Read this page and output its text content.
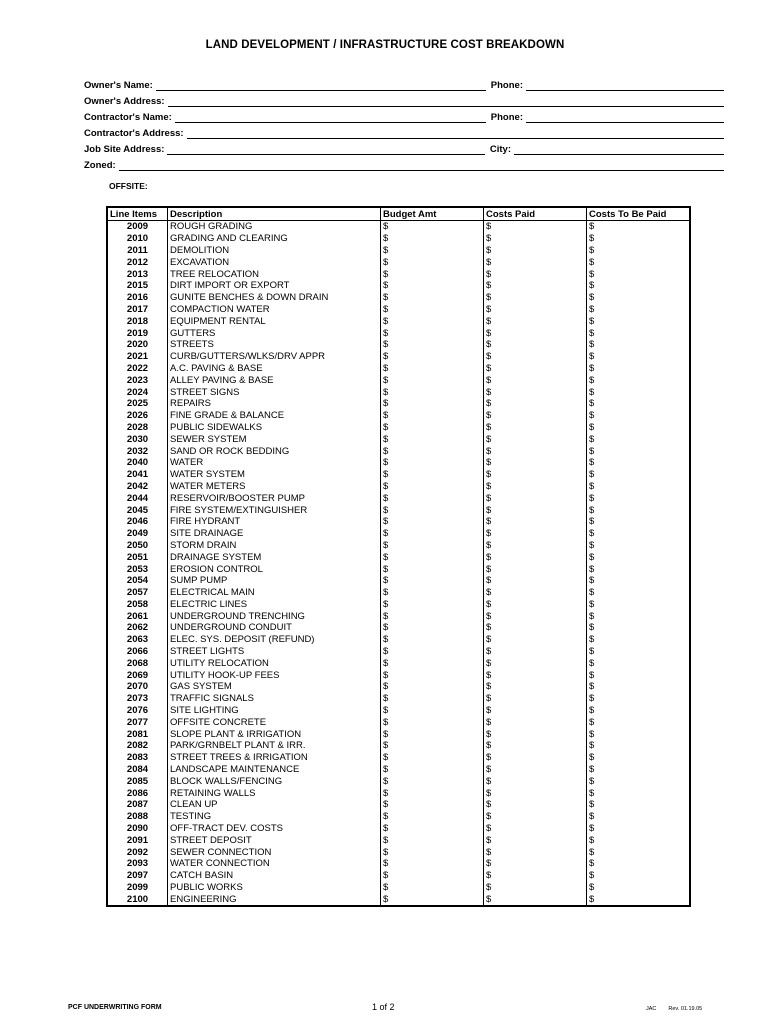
LAND DEVELOPMENT / INFRASTRUCTURE COST BREAKDOWN
Owner's Name:	Phone:
Owner's Address:
Contractor's Name:	Phone:
Contractor's Address:
Job Site Address:	City:
Zoned:
OFFSITE:
Line Items	Description	Budget Amt	Costs Paid	Costs To Be Paid
2009	ROUGH GRADING	$	$	$
2010	GRADING AND CLEARING	$	$	$
2011	DEMOLITION	$	$	$
2012	EXCAVATION	$	$	$
2013	TREE RELOCATION	$	$	$
2015	DIRT IMPORT OR EXPORT	$	$	$
2016	GUNITE BENCHES & DOWN DRAIN	$	$	$
2017	COMPACTION WATER	$	$	$
2018	EQUIPMENT RENTAL	$	$	$
2019	GUTTERS	$	$	$
2020	STREETS	$	$	$
2021	CURB/GUTTERS/WLKS/DRV APPR	$	$	$
2022	A.C. PAVING & BASE	$	$	$
2023	ALLEY PAVING & BASE	$	$	$
2024	STREET SIGNS	$	$	$
2025	REPAIRS	$	$	$
2026	FINE GRADE & BALANCE	$	$	$
2028	PUBLIC SIDEWALKS	$	$	$
2030	SEWER SYSTEM	$	$	$
2032	SAND OR ROCK BEDDING	$	$	$
2040	WATER	$	$	$
2041	WATER SYSTEM	$	$	$
2042	WATER METERS	$	$	$
2044	RESERVOIR/BOOSTER PUMP	$	$	$
2045	FIRE SYSTEM/EXTINGUISHER	$	$	$
2046	FIRE HYDRANT	$	$	$
2049	SITE DRAINAGE	$	$	$
2050	STORM DRAIN	$	$	$
2051	DRAINAGE SYSTEM	$	$	$
2053	EROSION CONTROL	$	$	$
2054	SUMP PUMP	$	$	$
2057	ELECTRICAL MAIN	$	$	$
2058	ELECTRIC LINES	$	$	$
2061	UNDERGROUND TRENCHING	$	$	$
2062	UNDERGROUND CONDUIT	$	$	$
2063	ELEC. SYS. DEPOSIT (REFUND)	$	$	$
2066	STREET LIGHTS	$	$	$
2068	UTILITY RELOCATION	$	$	$
2069	UTILITY HOOK-UP FEES	$	$	$
2070	GAS SYSTEM	$	$	$
2073	TRAFFIC SIGNALS	$	$	$
2076	SITE LIGHTING	$	$	$
2077	OFFSITE CONCRETE	$	$	$
2081	SLOPE PLANT & IRRIGATION	$	$	$
2082	PARK/GRNBELT PLANT & IRR.	$	$	$
2083	STREET TREES & IRRIGATION	$	$	$
2084	LANDSCAPE MAINTENANCE	$	$	$
2085	BLOCK WALLS/FENCING	$	$	$
2086	RETAINING WALLS	$	$	$
2087	CLEAN UP	$	$	$
2088	TESTING	$	$	$
2090	OFF-TRACT DEV. COSTS	$	$	$
2091	STREET DEPOSIT	$	$	$
2092	SEWER CONNECTION	$	$	$
2093	WATER CONNECTION	$	$	$
2097	CATCH BASIN	$	$	$
2099	PUBLIC WORKS	$	$	$
2100	ENGINEERING	$	$	$
PCF UNDERWRITING FORM	1 of 2	JAC Rev. 01.19.05
